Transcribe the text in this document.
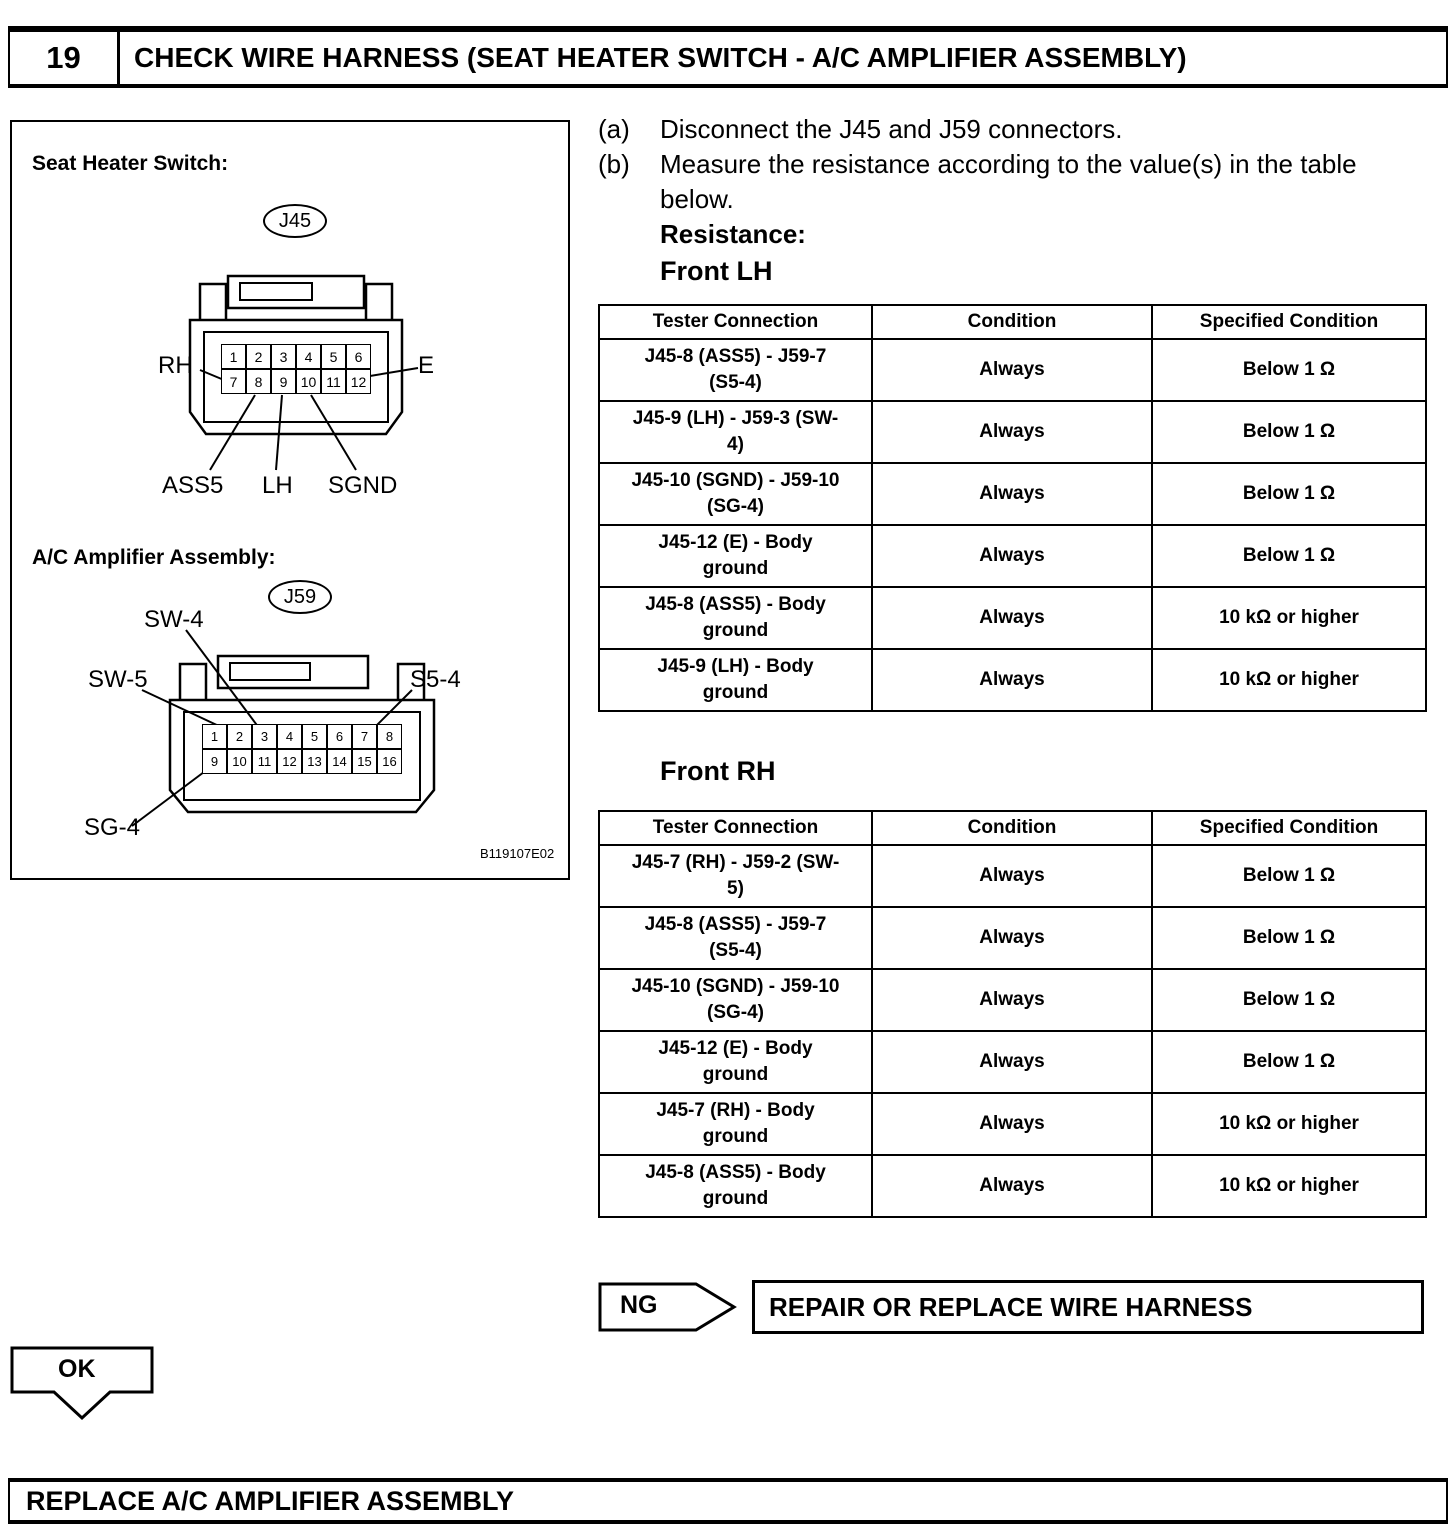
19	CHECK WIRE HARNESS (SEAT HEATER SWITCH - A/C AMPLIFIER ASSEMBLY)
Seat Heater Switch:
J45
1	2	3	4	5	6
7	8	9 10 11 12
RH	E
ASS5 LH SGND
A/C Amplifier Assembly:
J59
1	2	3	4	5	6	7	8
9	10 11 12 13 14 15 16
SW-4
SW-5	S5-4
SG-4
B119107E02
(a)	Disconnect the J45 and J59 connectors.
(b)	Measure the resistance according to the value(s) in the table below.
Resistance:
Front LH
Tester Connection	Condition	Specified Condition
J45-8 (ASS5) - J59-7 (S5-4)	Always	Below 1 Ω
J45-9 (LH) - J59-3 (SW-4)	Always	Below 1 Ω
J45-10 (SGND) - J59-10 (SG-4)	Always	Below 1 Ω
J45-12 (E) - Body ground	Always	Below 1 Ω
J45-8 (ASS5) - Body ground	Always	10 kΩ or higher
J45-9 (LH) - Body ground	Always	10 kΩ or higher
Front RH
Tester Connection	Condition	Specified Condition
J45-7 (RH) - J59-2 (SW-5)	Always	Below 1 Ω
J45-8 (ASS5) - J59-7 (S5-4)	Always	Below 1 Ω
J45-10 (SGND) - J59-10 (SG-4)	Always	Below 1 Ω
J45-12 (E) - Body ground	Always	Below 1 Ω
J45-7 (RH) - Body ground	Always	10 kΩ or higher
J45-8 (ASS5) - Body ground	Always	10 kΩ or higher
NG	REPAIR OR REPLACE WIRE HARNESS
OK
REPLACE A/C AMPLIFIER ASSEMBLY
